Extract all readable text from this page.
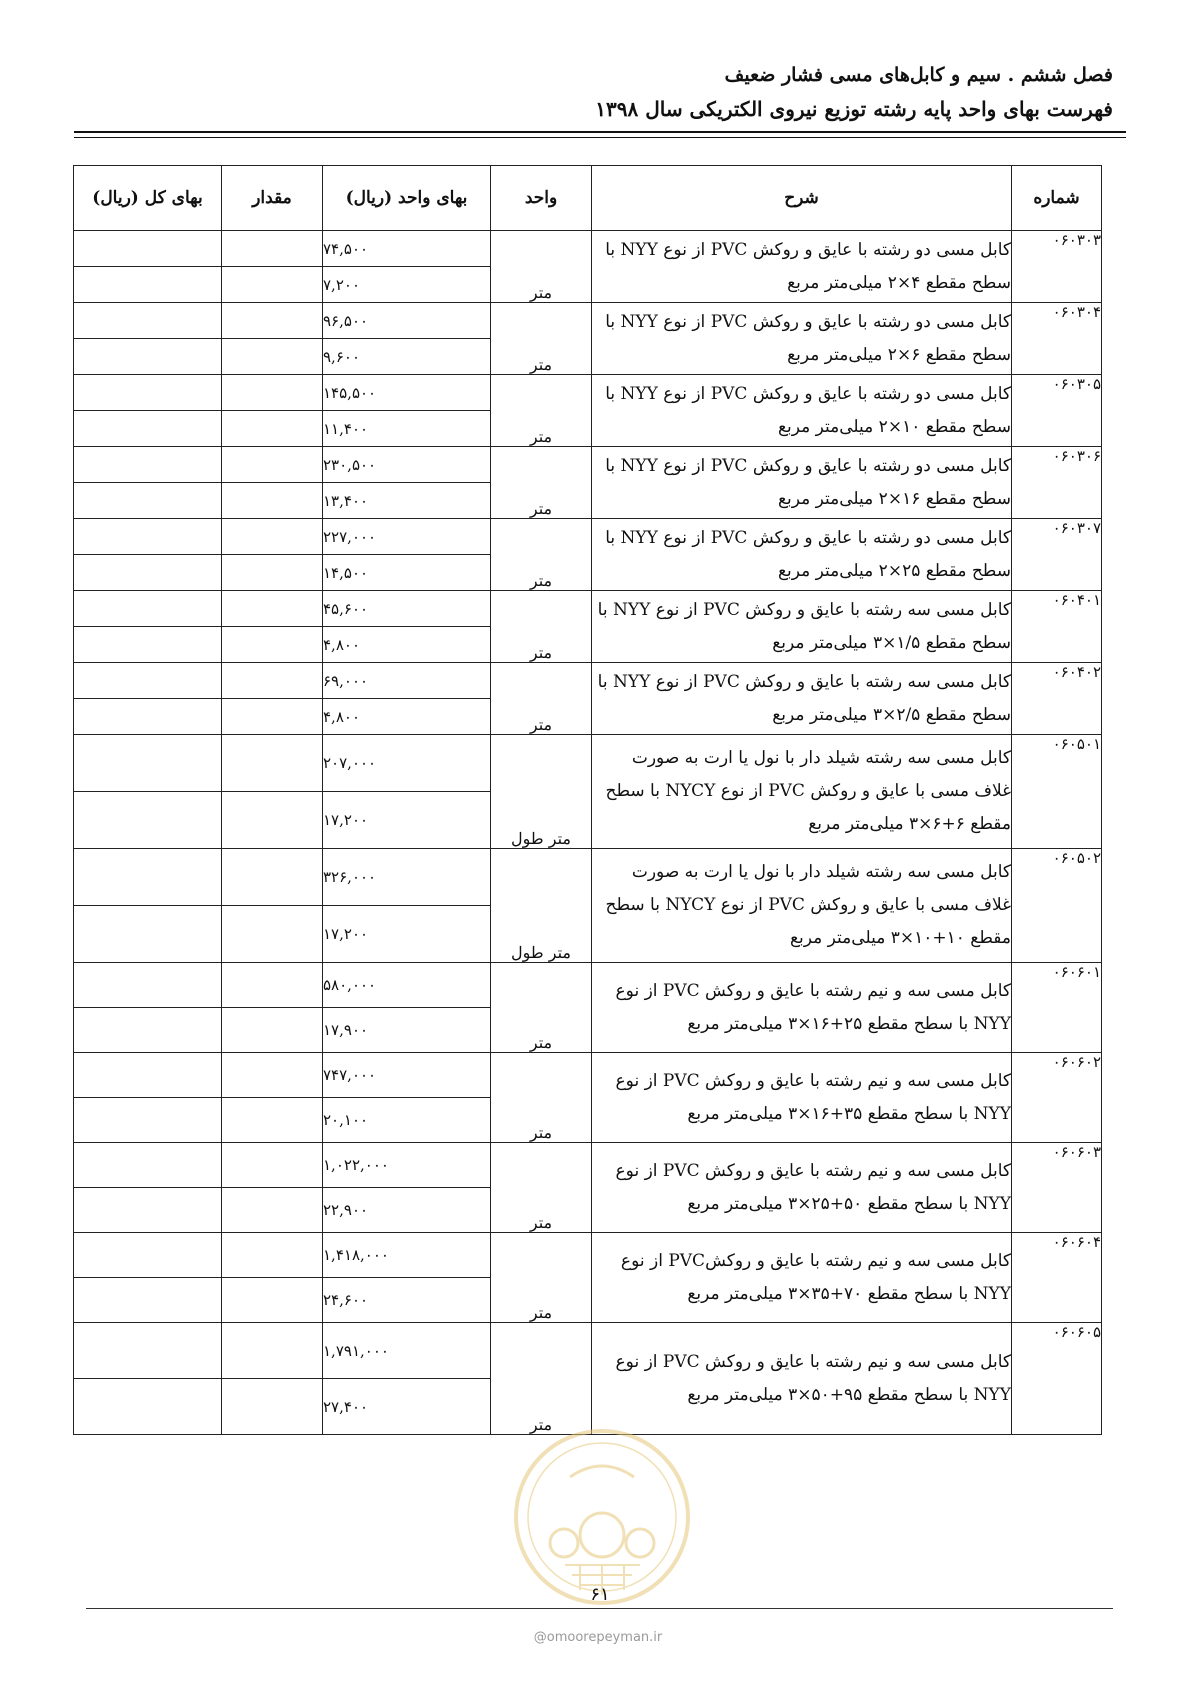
فصل ششم . سیم و کابل‌های مسی فشار ضعیف
فهرست بهای واحد پایه رشته توزیع نیروی الکتریکی سال ۱۳۹۸
شماره	شرح	واحد	بهای واحد (ریال)	مقدار	بهای کل (ریال)
۰۶۰۳۰۳	کابل مسی دو رشته با عایق و روکش PVC از نوع NYY با سطح مقطع ۴×۲ میلی‌متر مربع	متر	۷۴,۵۰۰		
			۷,۲۰۰		
۰۶۰۳۰۴	کابل مسی دو رشته با عایق و روکش PVC از نوع NYY با سطح مقطع ۶×۲ میلی‌متر مربع	متر	۹۶,۵۰۰		
			۹,۶۰۰		
۰۶۰۳۰۵	کابل مسی دو رشته با عایق و روکش PVC از نوع NYY با سطح مقطع ۱۰×۲ میلی‌متر مربع	متر	۱۴۵,۵۰۰		
			۱۱,۴۰۰		
۰۶۰۳۰۶	کابل مسی دو رشته با عایق و روکش PVC از نوع NYY با سطح مقطع ۱۶×۲ میلی‌متر مربع	متر	۲۳۰,۵۰۰		
			۱۳,۴۰۰		
۰۶۰۳۰۷	کابل مسی دو رشته با عایق و روکش PVC از نوع NYY با سطح مقطع ۲۵×۲ میلی‌متر مربع	متر	۲۲۷,۰۰۰		
			۱۴,۵۰۰		
۰۶۰۴۰۱	کابل مسی سه رشته با عایق و روکش PVC از نوع NYY با سطح مقطع ۱/۵×۳ میلی‌متر مربع	متر	۴۵,۶۰۰		
			۴,۸۰۰		
۰۶۰۴۰۲	کابل مسی سه رشته با عایق و روکش PVC از نوع NYY با سطح مقطع ۲/۵×۳ میلی‌متر مربع	متر	۶۹,۰۰۰		
			۴,۸۰۰		
۰۶۰۵۰۱	کابل مسی سه رشته شیلد دار با نول یا ارت به صورت غلاف مسی با عایق و روکش PVC از نوع NYCY با سطح مقطع ۶+۶×۳ میلی‌متر مربع	متر طول	۲۰۷,۰۰۰		
			۱۷,۲۰۰		
۰۶۰۵۰۲	کابل مسی سه رشته شیلد دار با نول یا ارت به صورت غلاف مسی با عایق و روکش PVC از نوع NYCY با سطح مقطع ۱۰+۱۰×۳ میلی‌متر مربع	متر طول	۳۲۶,۰۰۰		
			۱۷,۲۰۰		
۰۶۰۶۰۱	کابل مسی سه و نیم رشته با عایق و روکش PVC از نوع NYY با سطح مقطع ۲۵+۱۶×۳ میلی‌متر مربع	متر	۵۸۰,۰۰۰		
			۱۷,۹۰۰		
۰۶۰۶۰۲	کابل مسی سه و نیم رشته با عایق و روکش PVC از نوع NYY با سطح مقطع ۳۵+۱۶×۳ میلی‌متر مربع	متر	۷۴۷,۰۰۰		
			۲۰,۱۰۰		
۰۶۰۶۰۳	کابل مسی سه و نیم رشته با عایق و روکش PVC از نوع NYY با سطح مقطع ۵۰+۲۵×۳ میلی‌متر مربع	متر	۱,۰۲۲,۰۰۰		
			۲۲,۹۰۰		
۰۶۰۶۰۴	کابل مسی سه و نیم رشته با عایق و روکشPVC از نوع NYY با سطح مقطع ۷۰+۳۵×۳ میلی‌متر مربع	متر	۱,۴۱۸,۰۰۰		
			۲۴,۶۰۰		
۰۶۰۶۰۵	کابل مسی سه و نیم رشته با عایق و روکش PVC از نوع NYY با سطح مقطع ۹۵+۵۰×۳ میلی‌متر مربع	متر	۱,۷۹۱,۰۰۰		
			۲۷,۴۰۰		
۶۱
@omoorepeyman.ir
